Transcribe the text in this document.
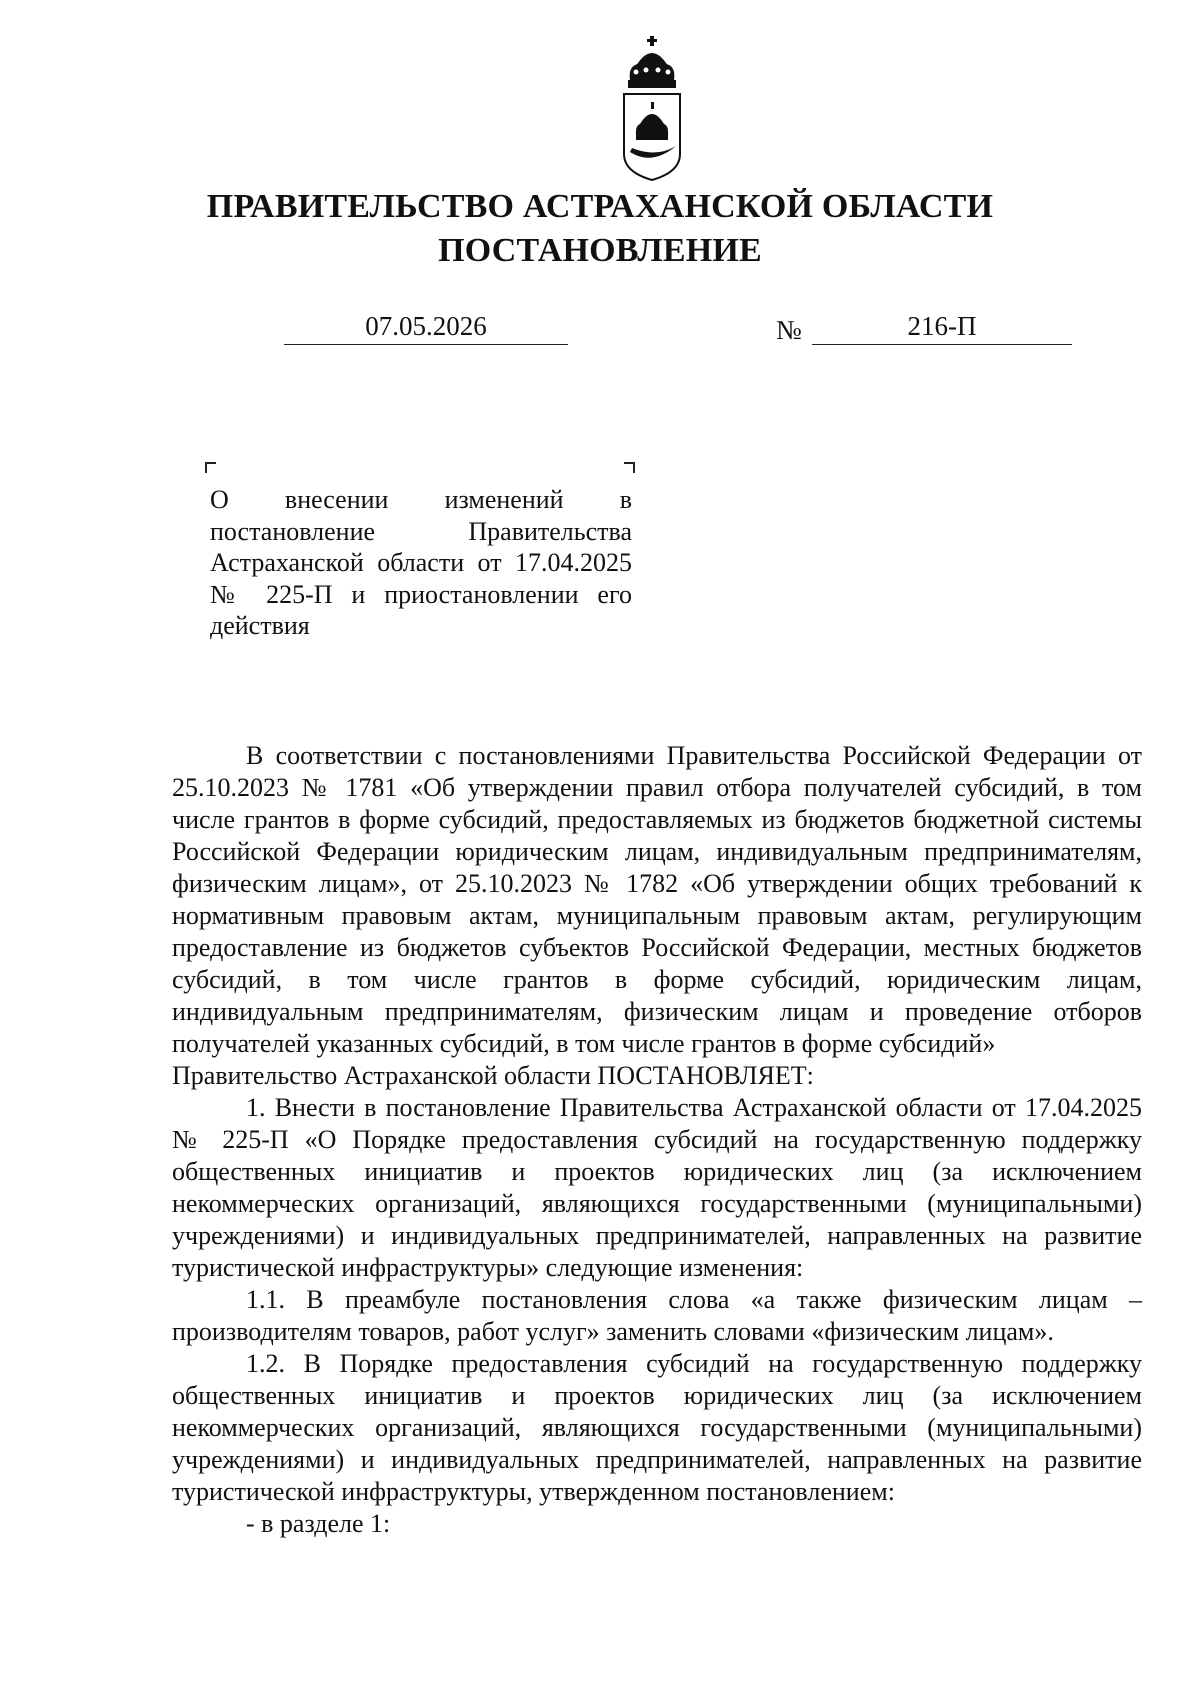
ПРАВИТЕЛЬСТВО АСТРАХАНСКОЙ ОБЛАСТИ
ПОСТАНОВЛЕНИЕ
07.05.2026	№	216-П
О внесении изменений в постановление Правительства Астраханской области от 17.04.2025 № 225-П и приостановлении его действия

В соответствии с постановлениями Правительства Российской Федерации от 25.10.2023 № 1781 «Об утверждении правил отбора получателей субсидий, в том числе грантов в форме субсидий, предоставляемых из бюджетов бюджетной системы Российской Федерации юридическим лицам, индивидуальным предпринимателям, физическим лицам», от 25.10.2023 № 1782 «Об утверждении общих требований к нормативным правовым актам, муниципальным правовым актам, регулирующим предоставление из бюджетов субъектов Российской Федерации, местных бюджетов субсидий, в том числе грантов в форме субсидий, юридическим лицам, индивидуальным предпринимателям, физическим лицам и проведение отборов получателей указанных субсидий, в том числе грантов в форме субсидий»

Правительство Астраханской области ПОСТАНОВЛЯЕТ:

1. Внести в постановление Правительства Астраханской области от 17.04.2025 № 225-П «О Порядке предоставления субсидий на государственную поддержку общественных инициатив и проектов юридических лиц (за исключением некоммерческих организаций, являющихся государственными (муниципальными) учреждениями) и индивидуальных предпринимателей, направленных на развитие туристической инфраструктуры» следующие изменения:

1.1. В преамбуле постановления слова «а также физическим лицам – производителям товаров, работ услуг» заменить словами «физическим лицам».

1.2. В Порядке предоставления субсидий на государственную поддержку общественных инициатив и проектов юридических лиц (за исключением некоммерческих организаций, являющихся государственными (муниципальными) учреждениями) и индивидуальных предпринимателей, направленных на развитие туристической инфраструктуры, утвержденном постановлением:

- в разделе 1:
